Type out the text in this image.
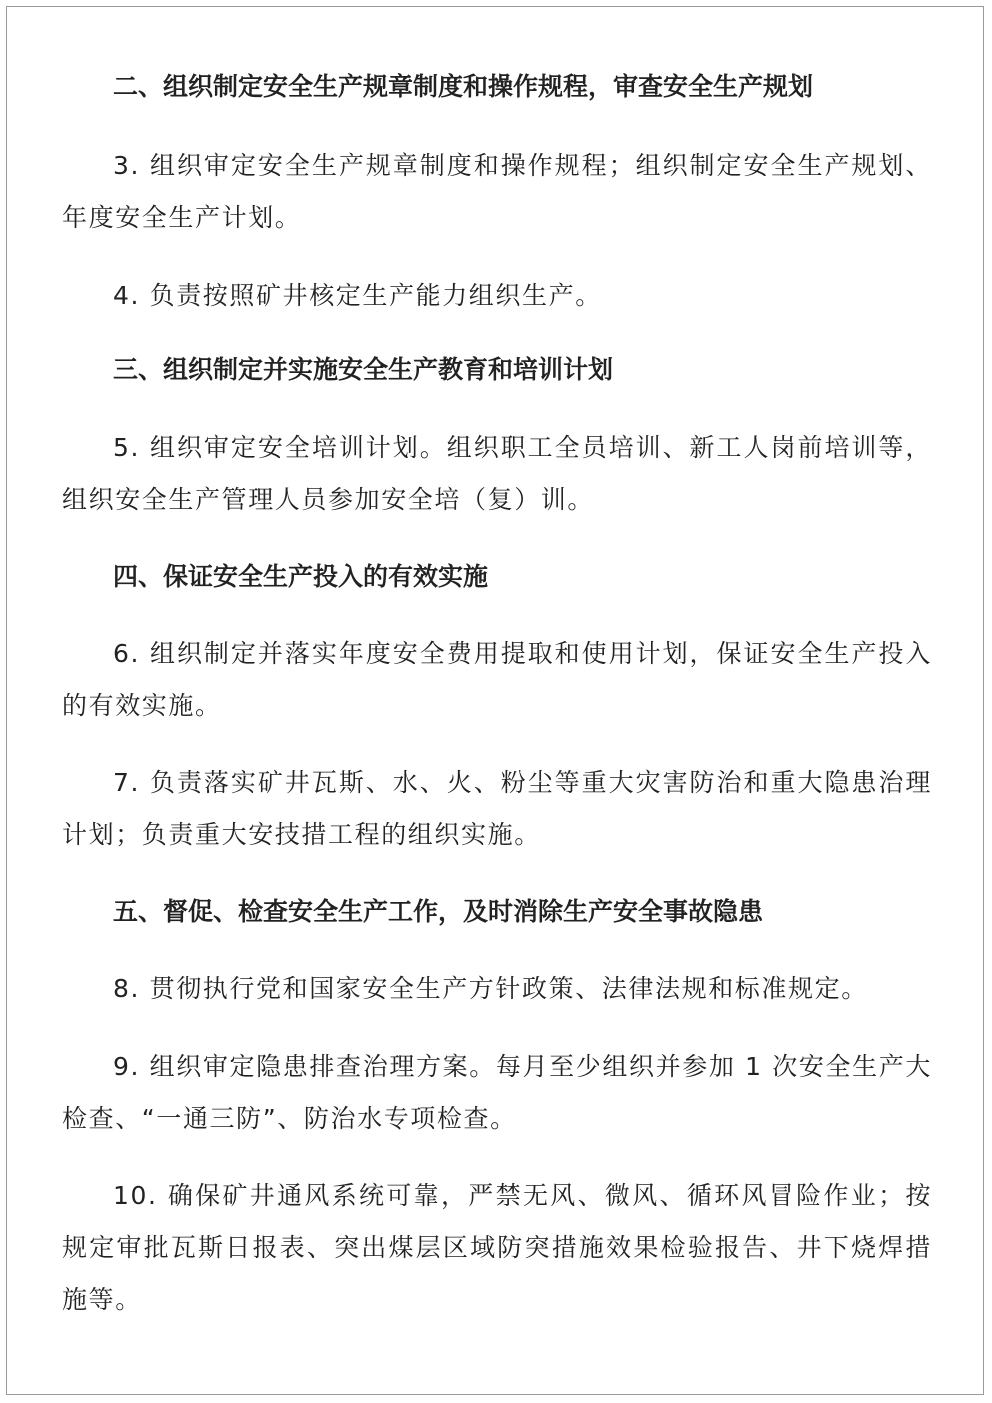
二、组织制定安全生产规章制度和操作规程，审查安全生产规划

3. 组织审定安全生产规章制度和操作规程；组织制定安全生产规划、年度安全生产计划。

4. 负责按照矿井核定生产能力组织生产。

三、组织制定并实施安全生产教育和培训计划

5. 组织审定安全培训计划。组织职工全员培训、新工人岗前培训等，组织安全生产管理人员参加安全培（复）训。

四、保证安全生产投入的有效实施

6. 组织制定并落实年度安全费用提取和使用计划，保证安全生产投入的有效实施。

7. 负责落实矿井瓦斯、水、火、粉尘等重大灾害防治和重大隐患治理计划；负责重大安技措工程的组织实施。

五、督促、检查安全生产工作，及时消除生产安全事故隐患

8. 贯彻执行党和国家安全生产方针政策、法律法规和标准规定。

9. 组织审定隐患排查治理方案。每月至少组织并参加 1 次安全生产大检查、“一通三防”、防治水专项检查。

10. 确保矿井通风系统可靠，严禁无风、微风、循环风冒险作业；按规定审批瓦斯日报表、突出煤层区域防突措施效果检验报告、井下烧焊措施等。
